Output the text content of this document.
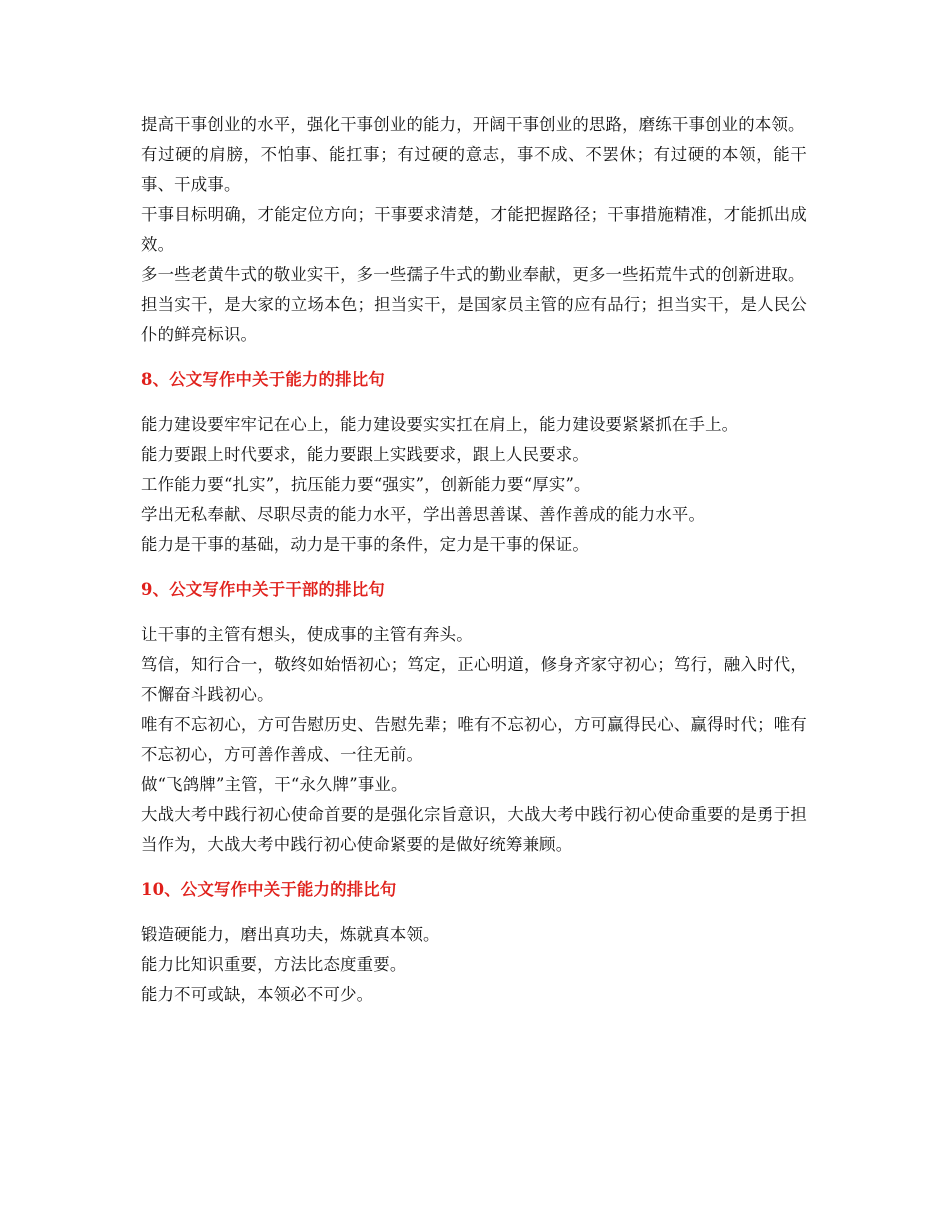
提高干事创业的水平，强化干事创业的能力，开阔干事创业的思路，磨练干事创业的本领。

有过硬的肩膀，不怕事、能扛事；有过硬的意志，事不成、不罢休；有过硬的本领，能干事、干成事。

干事目标明确，才能定位方向；干事要求清楚，才能把握路径；干事措施精准，才能抓出成效。

多一些老黄牛式的敬业实干，多一些孺子牛式的勤业奉献，更多一些拓荒牛式的创新进取。

担当实干，是大家的立场本色；担当实干，是国家员主管的应有品行；担当实干，是人民公仆的鲜亮标识。

8、公文写作中关于能力的排比句

能力建设要牢牢记在心上，能力建设要实实扛在肩上，能力建设要紧紧抓在手上。

能力要跟上时代要求，能力要跟上实践要求，跟上人民要求。

工作能力要“扎实”，抗压能力要“强实”，创新能力要“厚实”。

学出无私奉献、尽职尽责的能力水平，学出善思善谋、善作善成的能力水平。

能力是干事的基础，动力是干事的条件，定力是干事的保证。

9、公文写作中关于干部的排比句

让干事的主管有想头，使成事的主管有奔头。

笃信，知行合一，敬终如始悟初心；笃定，正心明道，修身齐家守初心；笃行，融入时代，不懈奋斗践初心。

唯有不忘初心，方可告慰历史、告慰先辈；唯有不忘初心，方可赢得民心、赢得时代；唯有不忘初心，方可善作善成、一往无前。

做“飞鸽牌”主管，干“永久牌”事业。

大战大考中践行初心使命首要的是强化宗旨意识，大战大考中践行初心使命重要的是勇于担当作为，大战大考中践行初心使命紧要的是做好统筹兼顾。

10、公文写作中关于能力的排比句

锻造硬能力，磨出真功夫，炼就真本领。

能力比知识重要，方法比态度重要。

能力不可或缺，本领必不可少。
